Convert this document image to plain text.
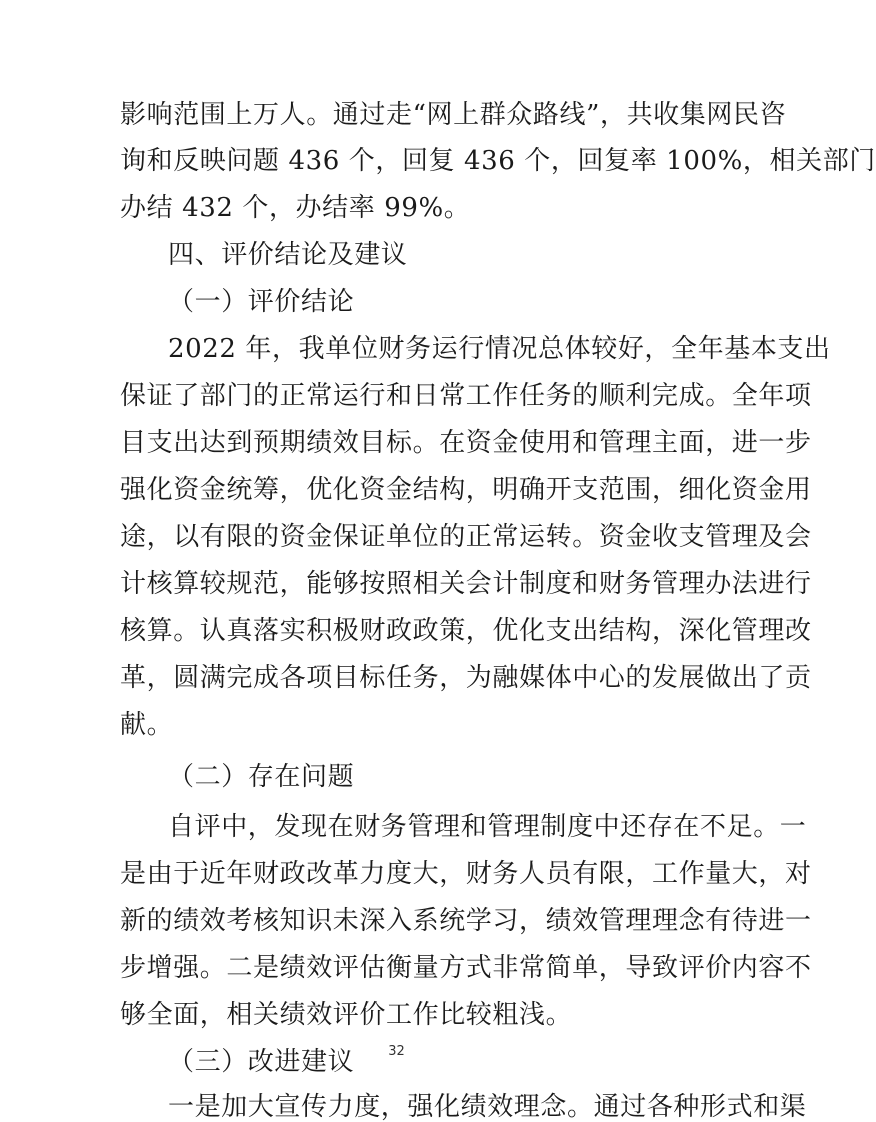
影响范围上万人。通过走“网上群众路线”，共收集网民咨
询和反映问题 436 个，回复 436 个，回复率 100%，相关部门
办结 432 个，办结率 99%。
四、评价结论及建议
（一）评价结论
2022 年，我单位财务运行情况总体较好，全年基本支出
保证了部门的正常运行和日常工作任务的顺利完成。全年项
目支出达到预期绩效目标。在资金使用和管理主面，进一步
强化资金统筹，优化资金结构，明确开支范围，细化资金用
途，以有限的资金保证单位的正常运转。资金收支管理及会
计核算较规范，能够按照相关会计制度和财务管理办法进行
核算。认真落实积极财政政策，优化支出结构，深化管理改
革，圆满完成各项目标任务，为融媒体中心的发展做出了贡
献。
（二）存在问题
自评中，发现在财务管理和管理制度中还存在不足。一
是由于近年财政改革力度大，财务人员有限，工作量大，对
新的绩效考核知识未深入系统学习，绩效管理理念有待进一
步增强。二是绩效评估衡量方式非常简单，导致评价内容不
够全面，相关绩效评价工作比较粗浅。
（三）改进建议
一是加大宣传力度，强化绩效理念。通过各种形式和渠
32
